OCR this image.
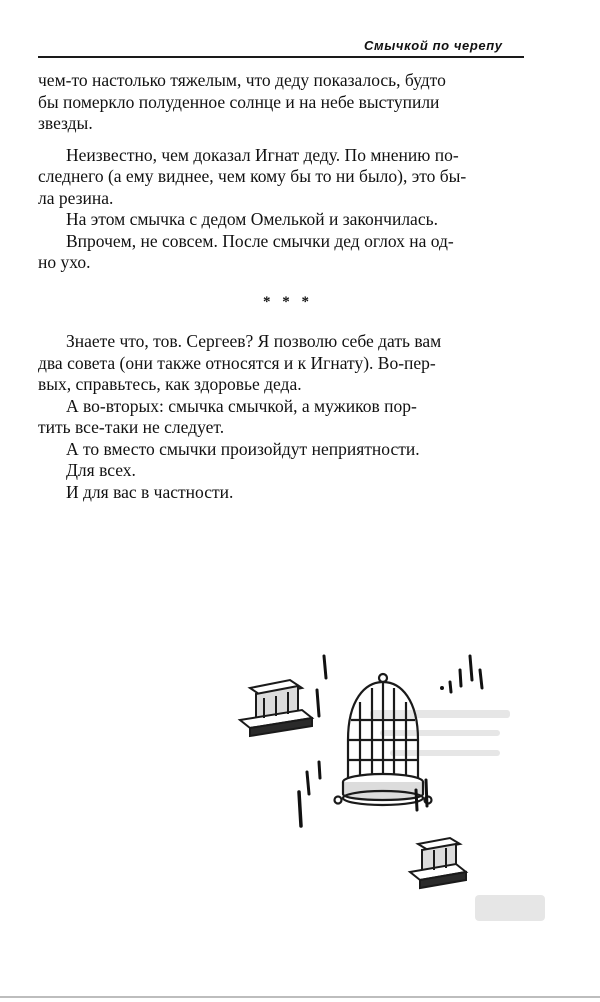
Смычкой по черепу
чем-то настолько тяжелым, что деду показалось, будто
бы померкло полуденное солнце и на небе выступили
звезды.
Неизвестно, чем доказал Игнат деду. По мнению по-
следнего (а ему виднее, чем кому бы то ни было), это бы-
ла резина.
На этом смычка с дедом Омелькой и закончилась.
Впрочем, не совсем. После смычки дед оглох на од-
но ухо.
* * *
Знаете что, тов. Сергеев? Я позволю себе дать вам
два совета (они также относятся и к Игнату). Во-пер-
вых, справьтесь, как здоровье деда.
А во-вторых: смычка смычкой, а мужиков пор-
тить все-таки не следует.
А то вместо смычки произойдут неприятности.
Для всех.
И для вас в частности.
